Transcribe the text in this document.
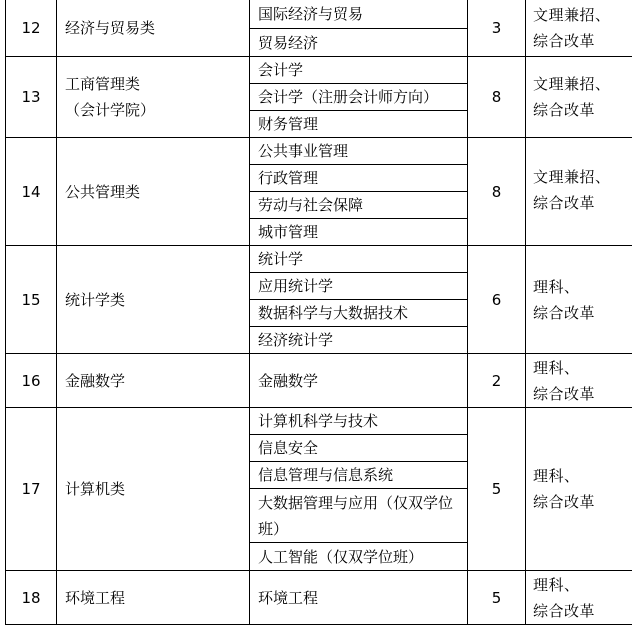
12	经济与贸易类	国际经济与贸易	3	文理兼招、
综合改革

		贸易经济		
13	工商管理类
（会计学院）	会计学	8	文理兼招、
综合改革

		会计学（注册会计师方向）		
		财务管理		
14	公共管理类	公共事业管理	8	文理兼招、
综合改革

		行政管理		
		劳动与社会保障		
		城市管理		
15	统计学类	统计学	6	理科、
综合改革

		应用统计学		
		数据科学与大数据技术		
		经济统计学		
16	金融数学	金融数学	2	理科、
综合改革

17	计算机类	计算机科学与技术	5	理科、
综合改革

		信息安全		
		信息管理与信息系统		
		大数据管理与应用（仅双学位班）		
		人工智能（仅双学位班）		
18	环境工程	环境工程	5	理科、
综合改革
